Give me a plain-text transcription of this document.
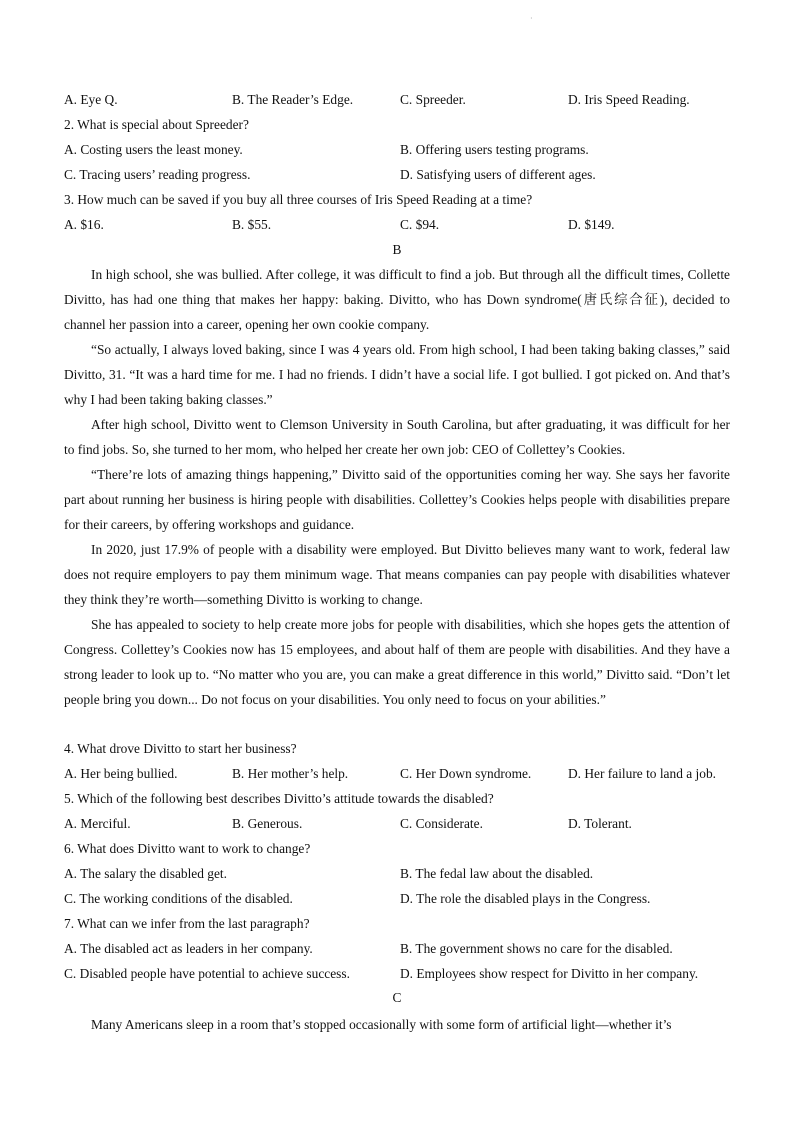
·
A. Eye Q.	B. The Reader’s Edge.	C. Spreeder.	D. Iris Speed Reading.
2. What is special about Spreeder?
A. Costing users the least money.	B. Offering users testing programs.
C. Tracing users’ reading progress.	D. Satisfying users of different ages.
3. How much can be saved if you buy all three courses of Iris Speed Reading at a time?
A. $16.	B. $55.	C. $94.	D. $149.
B
In high school, she was bullied. After college, it was difficult to find a job. But through all the difficult times, Collette Divitto, has had one thing that makes her happy: baking. Divitto, who has Down syndrome(唐氏综合征), decided to channel her passion into a career, opening her own cookie company.
“So actually, I always loved baking, since I was 4 years old. From high school, I had been taking baking classes,” said Divitto, 31. “It was a hard time for me. I had no friends. I didn’t have a social life. I got bullied. I got picked on. And that’s why I had been taking baking classes.”
After high school, Divitto went to Clemson University in South Carolina, but after graduating, it was difficult for her to find jobs. So, she turned to her mom, who helped her create her own job: CEO of Collettey’s Cookies.
“There’re lots of amazing things happening,” Divitto said of the opportunities coming her way. She says her favorite part about running her business is hiring people with disabilities. Collettey’s Cookies helps people with disabilities prepare for their careers, by offering workshops and guidance.
In 2020, just 17.9% of people with a disability were employed. But Divitto believes many want to work, federal law does not require employers to pay them minimum wage. That means companies can pay people with disabilities whatever they think they’re worth—something Divitto is working to change.
She has appealed to society to help create more jobs for people with disabilities, which she hopes gets the attention of Congress. Collettey’s Cookies now has 15 employees, and about half of them are people with disabilities. And they have a strong leader to look up to. “No matter who you are, you can make a great difference in this world,” Divitto said. “Don’t let people bring you down... Do not focus on your disabilities. You only need to focus on your abilities.”
4. What drove Divitto to start her business?
A. Her being bullied.	B. Her mother’s help.	C. Her Down syndrome.	D. Her failure to land a job.
5. Which of the following best describes Divitto’s attitude towards the disabled?
A. Merciful.	B. Generous.	C. Considerate.	D. Tolerant.
6. What does Divitto want to work to change?
A. The salary the disabled get.	B. The fedal law about the disabled.
C. The working conditions of the disabled.	D. The role the disabled plays in the Congress.
7. What can we infer from the last paragraph?
A. The disabled act as leaders in her company.	B. The government shows no care for the disabled.
C. Disabled people have potential to achieve success.	D. Employees show respect for Divitto in her company.
C
Many Americans sleep in a room that’s stopped occasionally with some form of artificial light—whether it’s
